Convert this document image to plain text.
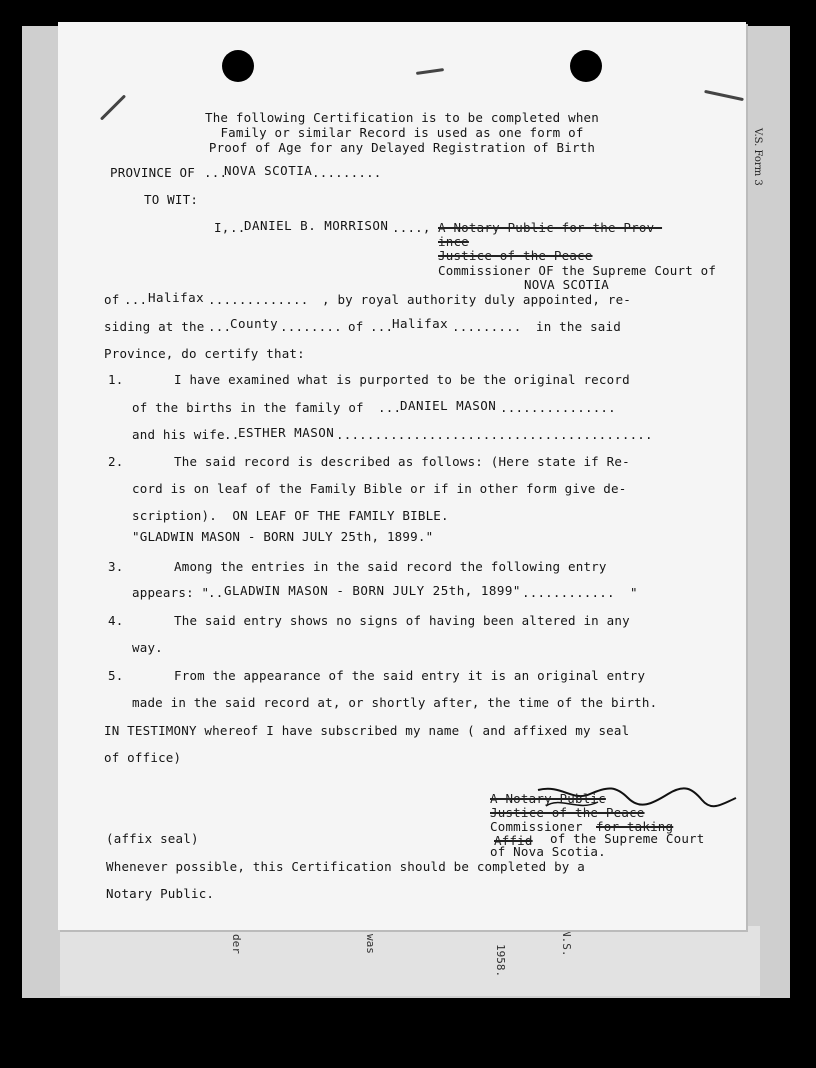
V.S. Form 3
der	was
1958.
N.S.
The following Certification is to be completed when
Family or similar Record is used as one form of
Proof of Age for any Delayed Registration of Birth
PROVINCE OF ...
NOVA SCOTIA .........
TO WIT:
I, ..
DANIEL B. MORRISON ...., A Notary Public for the Prov-
ince
Justice of the Peace
Commissioner OF the Supreme Court of
NOVA SCOTIA
of ... Halifax ............. , by royal authority duly appointed, re-
siding at the ...
County ........ of ...
Halifax ......... in the said
Province, do certify that:
1.	I have examined what is purported to be the original record
of the births in the family of ...
DANIEL MASON ...............
and his wife ..
ESTHER MASON .........................................
2.	The said record is described as follows: (Here state if Re-
cord is on leaf of the Family Bible or if in other form give de-
scription).  ON LEAF OF THE FAMILY BIBLE.
"GLADWIN MASON - BORN JULY 25th, 1899."
3.	Among the entries in the said record the following entry
appears: "
.. GLADWIN MASON - BORN JULY 25th, 1899" ............ "
4.	The said entry shows no signs of having been altered in any
way.
5.	From the appearance of the said entry it is an original entry
made in the said record at, or shortly after, the time of the birth.
IN TESTIMONY whereof I have subscribed my name ( and affixed my seal
of office)
A Notary Public
Justice of the Peace
Commissioner for taking
Affid of the Supreme Court
of Nova Scotia.
(affix seal)
Whenever possible, this Certification should be completed by a
Notary Public.
